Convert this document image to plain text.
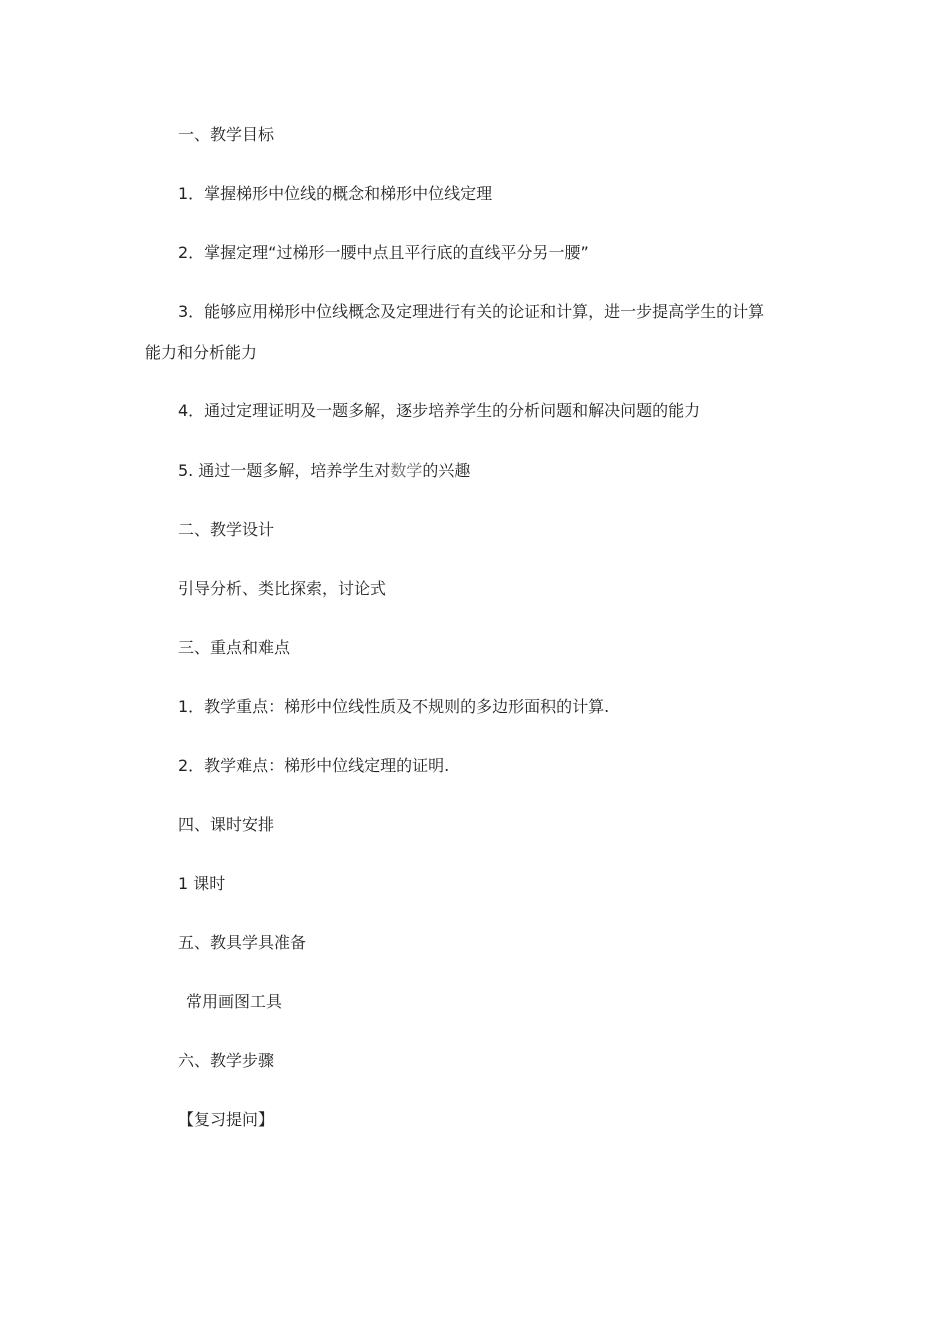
一、教学目标
1．掌握梯形中位线的概念和梯形中位线定理
2．掌握定理“过梯形一腰中点且平行底的直线平分另一腰”
3．能够应用梯形中位线概念及定理进行有关的论证和计算，进一步提高学生的计算
能力和分析能力
4．通过定理证明及一题多解，逐步培养学生的分析问题和解决问题的能力
5. 通过一题多解，培养学生对数学的兴趣
二、教学设计
引导分析、类比探索，讨论式
三、重点和难点
1．教学重点：梯形中位线性质及不规则的多边形面积的计算.
2．教学难点：梯形中位线定理的证明.
四、课时安排
1 课时
五、教具学具准备
常用画图工具
六、教学步骤
【复习提问】
